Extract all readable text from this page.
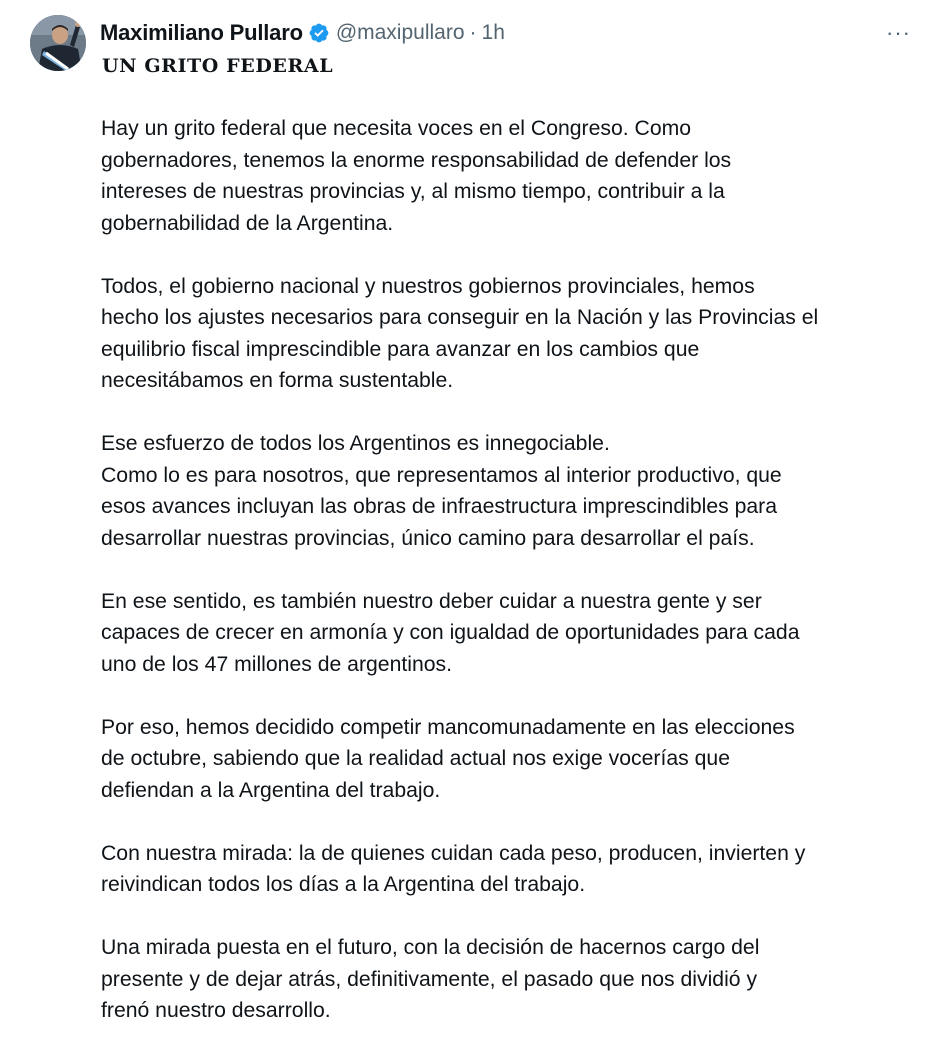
Maximiliano Pullaro @maxipullaro · 1h	···
UN GRITO FEDERAL

Hay un grito federal que necesita voces en el Congreso. Como
gobernadores, tenemos la enorme responsabilidad de defender los
intereses de nuestras provincias y, al mismo tiempo, contribuir a la
gobernabilidad de la Argentina.

Todos, el gobierno nacional y nuestros gobiernos provinciales, hemos
hecho los ajustes necesarios para conseguir en la Nación y las Provincias el
equilibrio fiscal imprescindible para avanzar en los cambios que
necesitábamos en forma sustentable.

Ese esfuerzo de todos los Argentinos es innegociable.
Como lo es para nosotros, que representamos al interior productivo, que
esos avances incluyan las obras de infraestructura imprescindibles para
desarrollar nuestras provincias, único camino para desarrollar el país.

En ese sentido, es también nuestro deber cuidar a nuestra gente y ser
capaces de crecer en armonía y con igualdad de oportunidades para cada
uno de los 47 millones de argentinos.

Por eso, hemos decidido competir mancomunadamente en las elecciones
de octubre, sabiendo que la realidad actual nos exige vocerías que
defiendan a la Argentina del trabajo.

Con nuestra mirada: la de quienes cuidan cada peso, producen, invierten y
reivindican todos los días a la Argentina del trabajo.

Una mirada puesta en el futuro, con la decisión de hacernos cargo del
presente y de dejar atrás, definitivamente, el pasado que nos dividió y
frenó nuestro desarrollo.
